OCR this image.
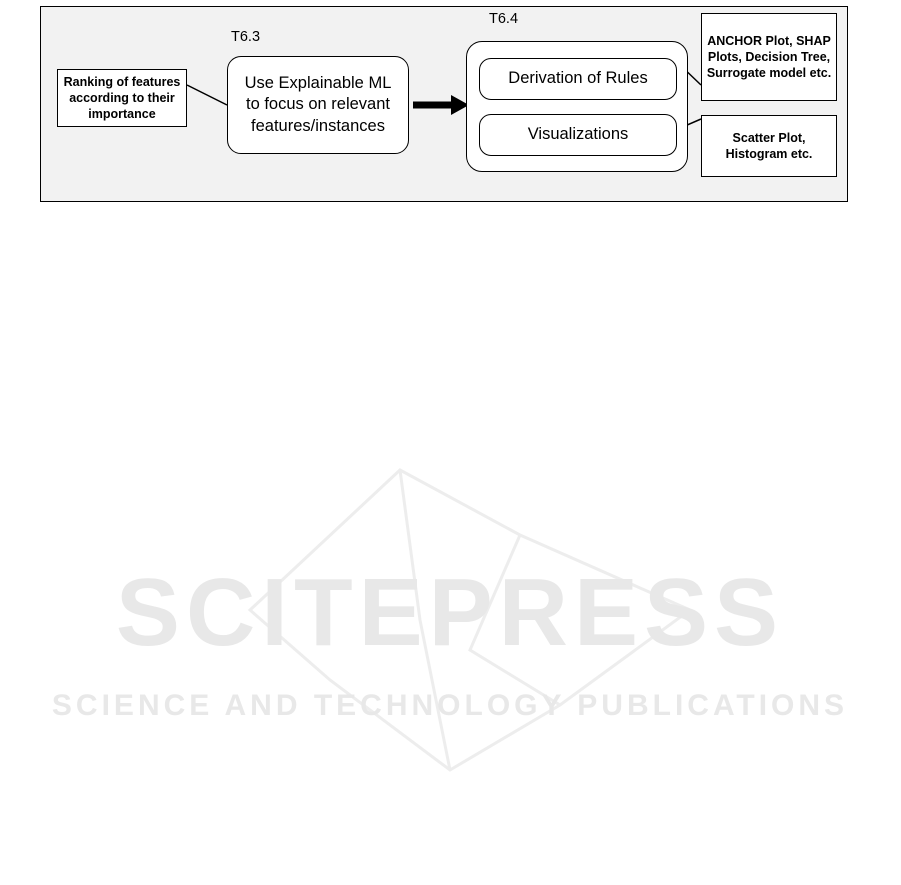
T6.3
T6.4
Ranking of features according to their importance
Use Explainable ML to focus on relevant features/instances
Derivation of Rules
Visualizations
ANCHOR Plot, SHAP Plots, Decision Tree, Surrogate model etc.
Scatter Plot, Histogram etc.
SCITEPRESS
SCIENCE AND TECHNOLOGY PUBLICATIONS
